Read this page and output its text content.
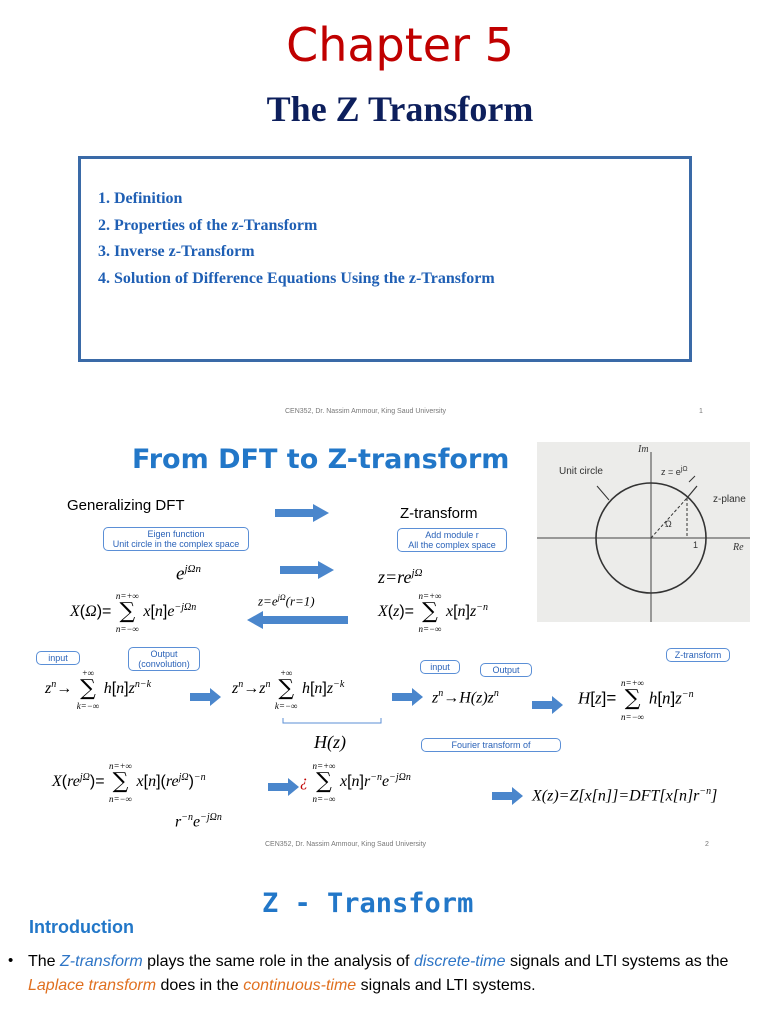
Chapter 5
The Z Transform
1. Definition
2. Properties of the z-Transform
3. Inverse z-Transform
4. Solution of Difference Equations Using the z-Transform
CEN352, Dr. Nassim Ammour, King Saud University	1
From DFT to Z-transform	Im
Re
Unit circle
z-plane
$z = e^{j\Omega}$
Ω
1
Generalizing DFT	Z-transform
Eigen function
Unit circle in the complex space
Add module r
All the complex space
$e^{j\Omega n}$	$z=re^{j\Omega}$
X(Ω)= n=+∞
∑
n=−∞ $x[n]e^{-j\Omega n}$	$z=e^{j\Omega}(r=1)$
X(z)= n=+∞
∑
n=−∞ $x[n]z^{-n}$
input	Output
(convolution)	input	Output
Z-transform
$z^n\to$ +∞
∑
k=−∞ $h[n]z^{n-k}$	$z^n\to z^n$ +∞
∑
k=−∞ $h[n]z^{-k}$
H(z)
$z^n\to H(z)z^n$	H[z]= n=+∞
∑
n=−∞ $h[n]z^{-n}$
Fourier transform of
$X(re^{j\Omega})= n=+\infty$
∑
n=−∞ $x[n](re^{j\Omega})^{-n}$
$r^{-n}e^{-j\Omega n}$
¿ n=+∞
∑
n=−∞ $x[n]r^{-n}e^{-j\Omega n}$
$X(z)=Z[x[n]]=DFT[x[n]r^{-n}]$
CEN352, Dr. Nassim Ammour, King Saud University	2
Z - Transform
Introduction
• The Z-transform plays the same role in the analysis of discrete-time signals and LTI systems as the Laplace transform does in the continuous-time signals and LTI systems.
